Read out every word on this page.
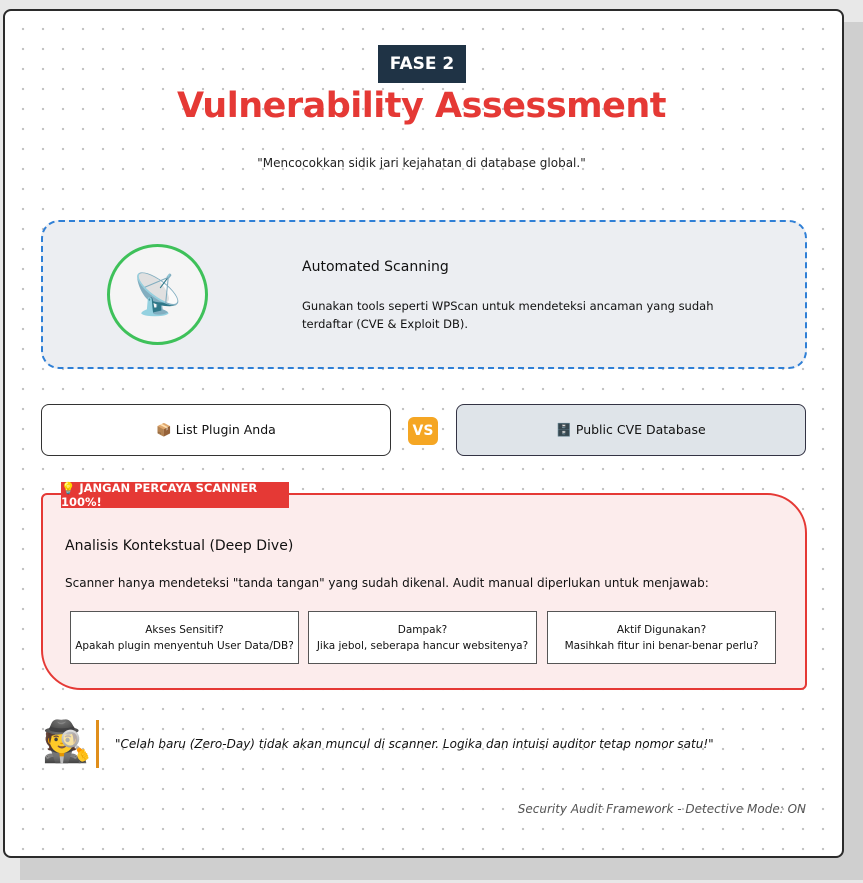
FASE 2
Vulnerability Assessment
"Mencocokkan sidik jari kejahatan di database global."
📡
Automated Scanning
Gunakan tools seperti WPScan untuk mendeteksi ancaman yang sudah terdaftar (CVE & Exploit DB).
📦 List Plugin Anda	VS	🗄️ Public CVE Database
💡 JANGAN PERCAYA SCANNER 100%!
Analisis Kontekstual (Deep Dive)
Scanner hanya mendeteksi "tanda tangan" yang sudah dikenal. Audit manual diperlukan untuk menjawab:
Akses Sensitif?
Apakah plugin menyentuh User Data/DB?
Dampak?
Jika jebol, seberapa hancur websitenya?
Aktif Digunakan?
Masihkah fitur ini benar-benar perlu?
🕵️ "Celah baru (Zero-Day) tidak akan muncul di scanner. Logika dan intuisi auditor tetap nomor satu!"
Security Audit Framework - Detective Mode: ON
